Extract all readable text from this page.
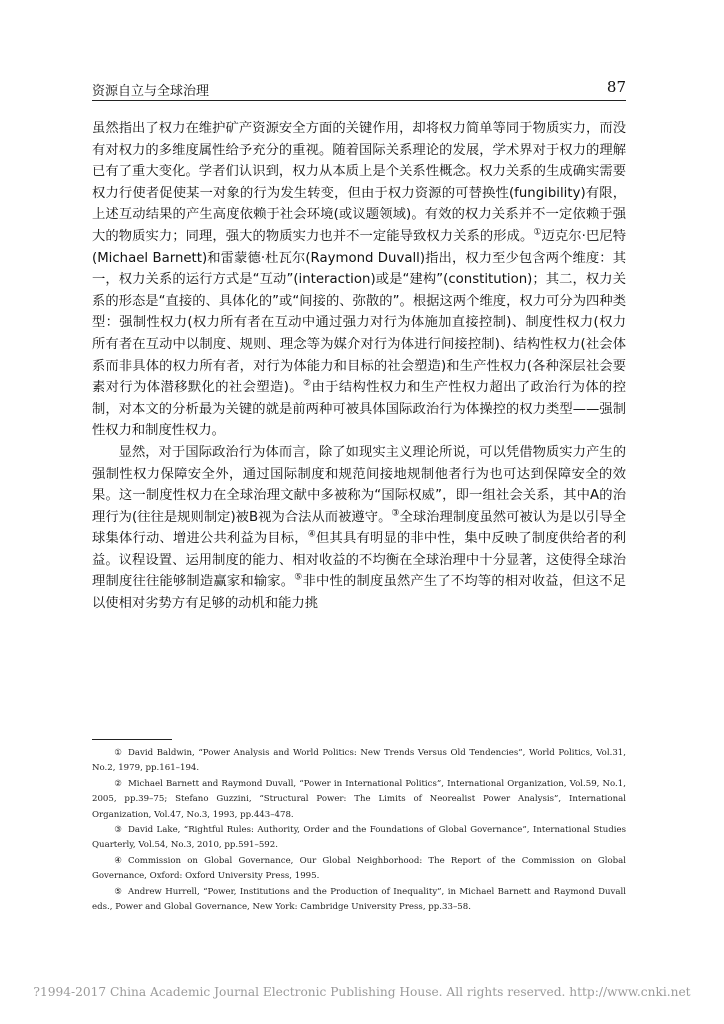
资源自立与全球治理	87

虽然指出了权力在维护矿产资源安全方面的关键作用，却将权力简单等同于物质实力，而没有对权力的多维度属性给予充分的重视。随着国际关系理论的发展，学术界对于权力的理解已有了重大变化。学者们认识到，权力从本质上是个关系性概念。权力关系的生成确实需要权力行使者促使某一对象的行为发生转变，但由于权力资源的可替换性(fungibility)有限，上述互动结果的产生高度依赖于社会环境(或议题领域)。有效的权力关系并不一定依赖于强大的物质实力；同理，强大的物质实力也并不一定能导致权力关系的形成。①迈克尔·巴尼特(Michael Barnett)和雷蒙德·杜瓦尔(Raymond Duvall)指出，权力至少包含两个维度：其一，权力关系的运行方式是“互动”(interaction)或是“建构”(constitution)；其二，权力关系的形态是“直接的、具体化的”或“间接的、弥散的”。根据这两个维度，权力可分为四种类型：强制性权力(权力所有者在互动中通过强力对行为体施加直接控制)、制度性权力(权力所有者在互动中以制度、规则、理念等为媒介对行为体进行间接控制)、结构性权力(社会体系而非具体的权力所有者，对行为体能力和目标的社会塑造)和生产性权力(各种深层社会要素对行为体潜移默化的社会塑造)。②由于结构性权力和生产性权力超出了政治行为体的控制，对本文的分析最为关键的就是前两种可被具体国际政治行为体操控的权力类型——强制性权力和制度性权力。

显然，对于国际政治行为体而言，除了如现实主义理论所说，可以凭借物质实力产生的强制性权力保障安全外，通过国际制度和规范间接地规制他者行为也可达到保障安全的效果。这一制度性权力在全球治理文献中多被称为“国际权威”，即一组社会关系，其中A的治理行为(往往是规则制定)被B视为合法从而被遵守。③全球治理制度虽然可被认为是以引导全球集体行动、增进公共利益为目标，④但其具有明显的非中性，集中反映了制度供给者的利益。议程设置、运用制度的能力、相对收益的不均衡在全球治理中十分显著，这使得全球治理制度往往能够制造赢家和输家。⑤非中性的制度虽然产生了不均等的相对收益，但这不足以使相对劣势方有足够的动机和能力挑

① David Baldwin, “Power Analysis and World Politics: New Trends Versus Old Tendencies”, World Politics, Vol.31, No.2, 1979, pp.161–194.

② Michael Barnett and Raymond Duvall, “Power in International Politics”, International Organization, Vol.59, No.1, 2005, pp.39–75; Stefano Guzzini, “Structural Power: The Limits of Neorealist Power Analysis”, International Organization, Vol.47, No.3, 1993, pp.443–478.

③ David Lake, “Rightful Rules: Authority, Order and the Foundations of Global Governance”, International Studies Quarterly, Vol.54, No.3, 2010, pp.591–592.

④ Commission on Global Governance, Our Global Neighborhood: The Report of the Commission on Global Governance, Oxford: Oxford University Press, 1995.

⑤ Andrew Hurrell, “Power, Institutions and the Production of Inequality”, in Michael Barnett and Raymond Duvall eds., Power and Global Governance, New York: Cambridge University Press, pp.33–58.

?1994-2017 China Academic Journal Electronic Publishing House. All rights reserved. http://www.cnki.net
